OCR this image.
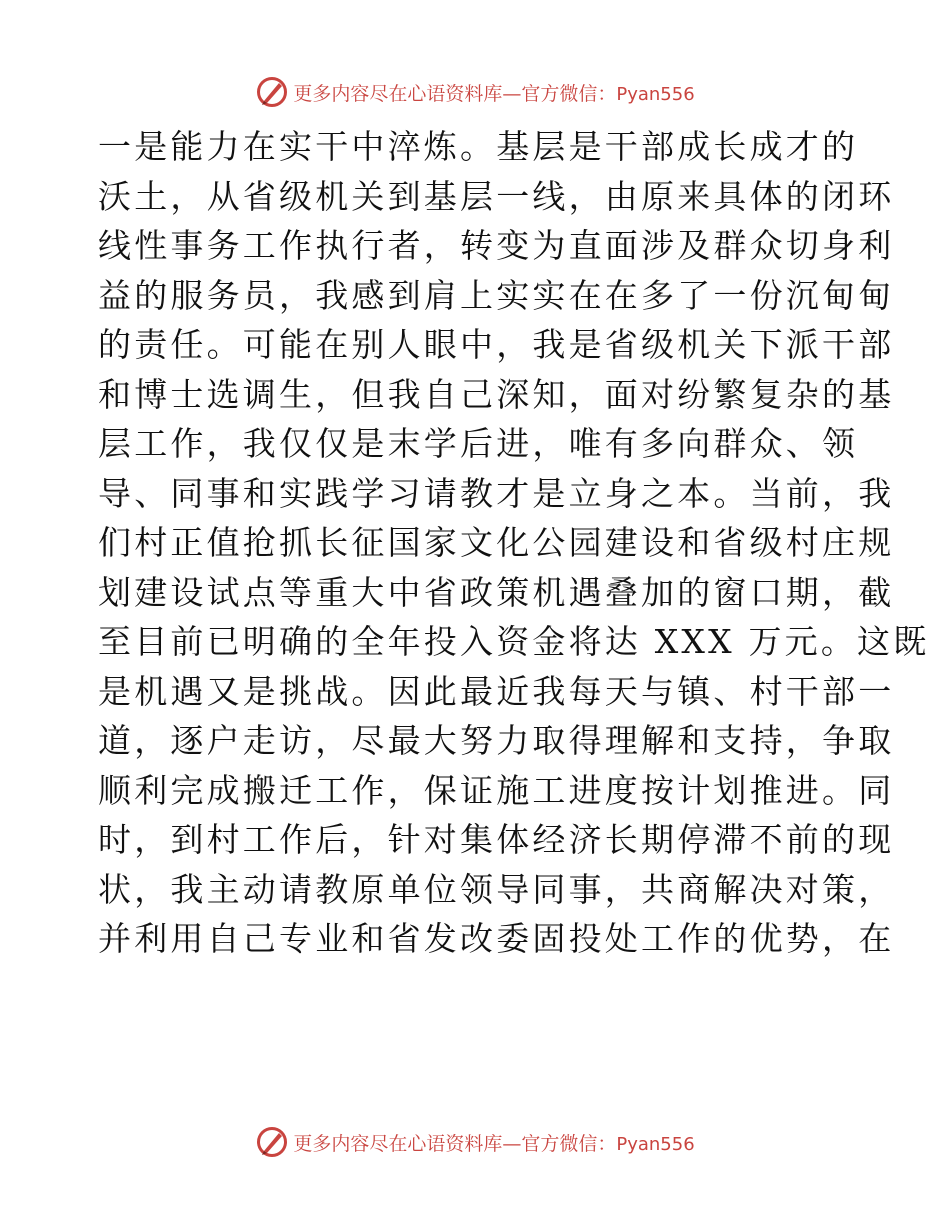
更多内容尽在心语资料库—官方微信：Pyan556
一是能力在实干中淬炼。基层是干部成长成才的
沃土，从省级机关到基层一线，由原来具体的闭环
线性事务工作执行者，转变为直面涉及群众切身利
益的服务员，我感到肩上实实在在多了一份沉甸甸
的责任。可能在别人眼中，我是省级机关下派干部
和博士选调生，但我自己深知，面对纷繁复杂的基
层工作，我仅仅是末学后进，唯有多向群众、领
导、同事和实践学习请教才是立身之本。当前，我
们村正值抢抓长征国家文化公园建设和省级村庄规
划建设试点等重大中省政策机遇叠加的窗口期，截
至目前已明确的全年投入资金将达 XXX 万元。这既
是机遇又是挑战。因此最近我每天与镇、村干部一
道，逐户走访，尽最大努力取得理解和支持，争取
顺利完成搬迁工作，保证施工进度按计划推进。同
时，到村工作后，针对集体经济长期停滞不前的现
状，我主动请教原单位领导同事，共商解决对策，
并利用自己专业和省发改委固投处工作的优势，在
更多内容尽在心语资料库—官方微信：Pyan556
